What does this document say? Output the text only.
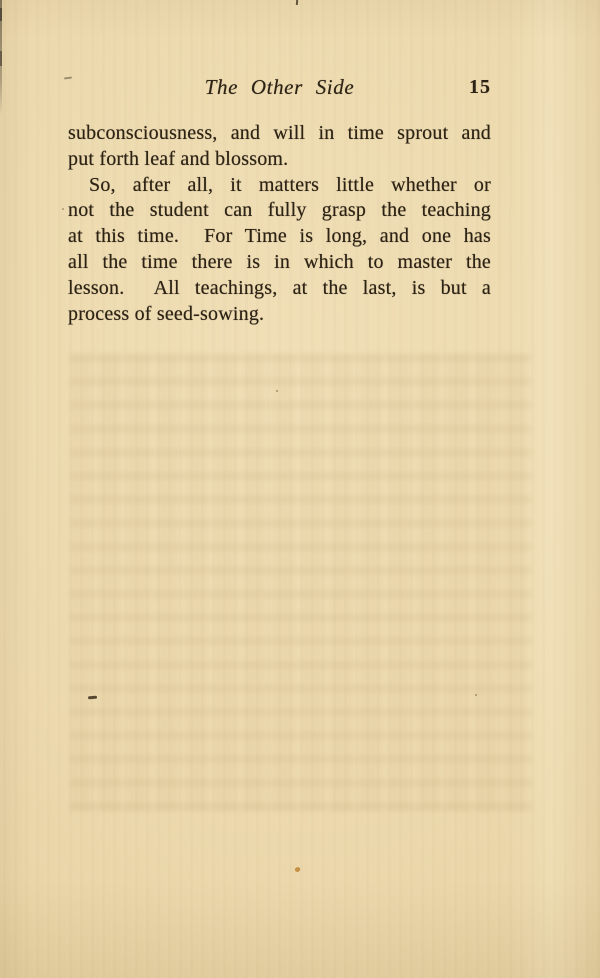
The Other Side	15
subconsciousness, and will in time sprout and
put forth leaf and blossom.
So, after all, it matters little whether or
not the student can fully grasp the teaching
at this time.  For Time is long, and one has
all the time there is in which to master the
lesson.  All teachings, at the last, is but a
process of seed-sowing.
